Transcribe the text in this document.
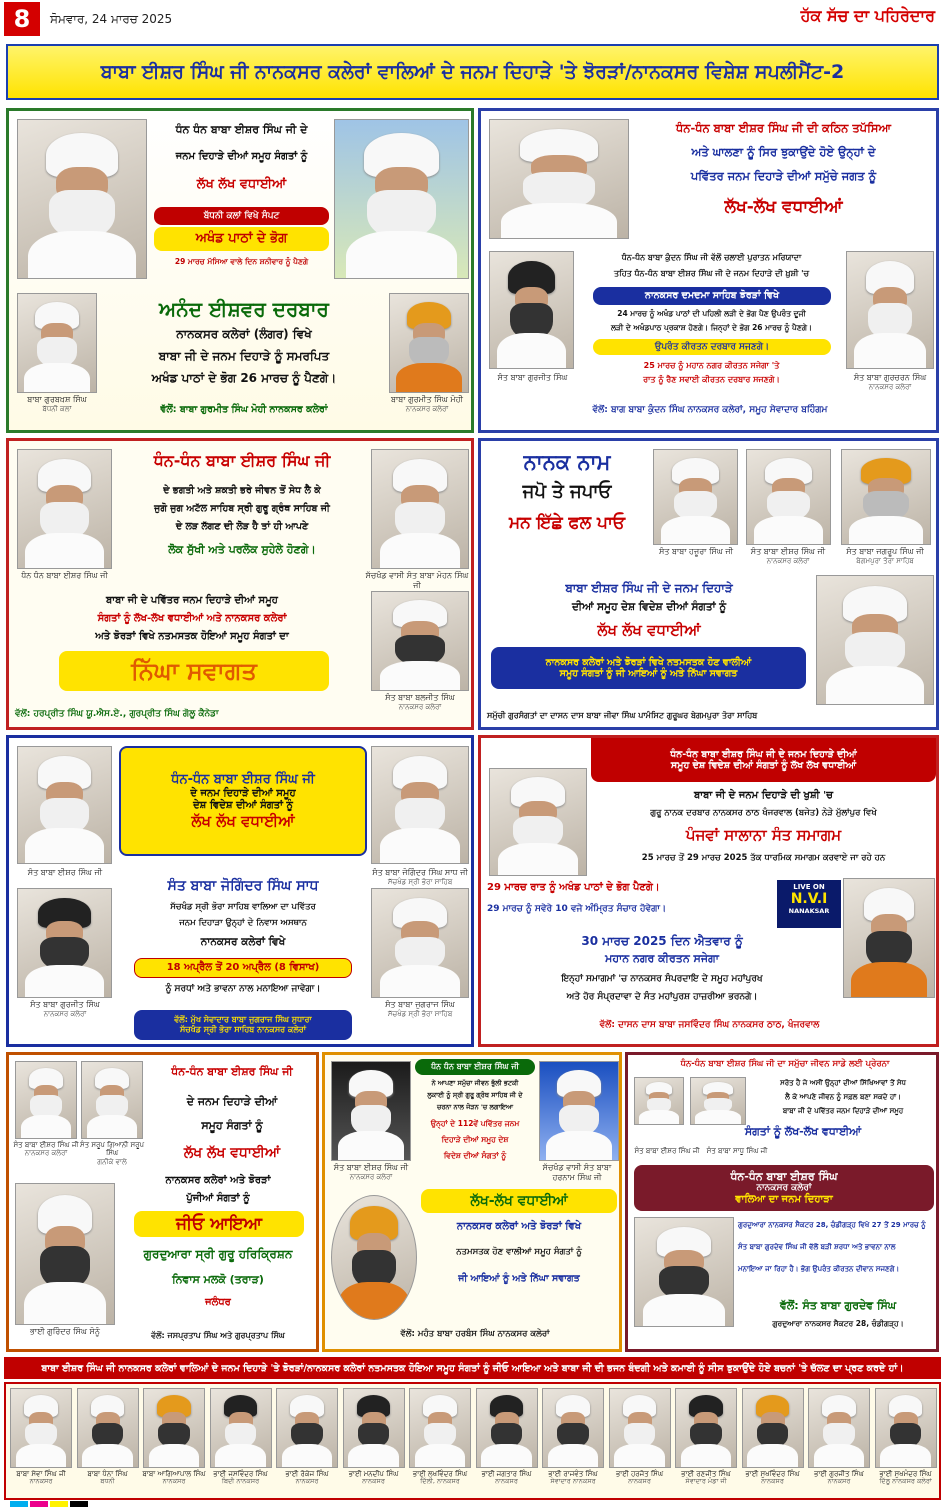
8	ਸੋਮਵਾਰ, 24 ਮਾਰਚ 2025	ਹੱਕ ਸੱਚ ਦਾ ਪਹਿਰੇਦਾਰ
ਬਾਬਾ ਈਸ਼ਰ ਸਿੰਘ ਜੀ ਨਾਨਕਸਰ ਕਲੇਰਾਂ ਵਾਲਿਆਂ ਦੇ ਜਨਮ ਦਿਹਾੜੇ 'ਤੇ ਝੋਰੜਾਂ/ਨਾਨਕਸਰ ਵਿਸ਼ੇਸ਼ ਸਪਲੀਮੈਂਟ-2
ਧੰਨ ਧੰਨ ਬਾਬਾ ਈਸ਼ਰ ਸਿੰਘ ਜੀ ਦੇ
ਜਨਮ ਦਿਹਾੜੇ ਦੀਆਂ ਸਮੂਹ ਸੰਗਤਾਂ ਨੂੰ
ਲੱਖ ਲੱਖ ਵਧਾਈਆਂ
ਬੱਧਨੀ ਕਲਾਂ ਵਿਖੇ ਸੰਪਟ
ਅਖੰਡ ਪਾਠਾਂ ਦੇ ਭੋਗ
29 ਮਾਰਚ ਮੱਸਿਆ ਵਾਲੇ ਦਿਨ ਸ਼ਨੀਵਾਰ ਨੂੰ ਪੈਣਗੇ
ਬਾਬਾ ਗੁਰਬਖ਼ਸ਼ ਸਿੰਘ
ਬੱਧਨੀ ਕਲਾਂ
ਬਾਬਾ ਗੁਰਮੀਤ ਸਿੰਘ ਮੋਹੀ
ਨਾਨਕਸਰ ਕਲੇਰਾਂ
ਅਨੰਦ ਈਸ਼ਵਰ ਦਰਬਾਰ
ਨਾਨਕਸਰ ਕਲੇਰਾਂ (ਲੰਗਰ) ਵਿਖੇ
ਬਾਬਾ ਜੀ ਦੇ ਜਨਮ ਦਿਹਾੜੇ ਨੂੰ ਸਮਰਪਿਤ
ਅਖੰਡ ਪਾਠਾਂ ਦੇ ਭੋਗ 26 ਮਾਰਚ ਨੂੰ ਪੈਣਗੇ।
ਵੱਲੋਂ: ਬਾਬਾ ਗੁਰਮੀਤ ਸਿੰਘ ਮੋਹੀ ਨਾਨਕਸਰ ਕਲੇਰਾਂ
ਧੰਨ-ਧੰਨ ਬਾਬਾ ਈਸ਼ਰ ਸਿੰਘ ਜੀ ਦੀ ਕਠਿਨ ਤਪੱਸਿਆ
ਅਤੇ ਘਾਲਣਾ ਨੂੰ ਸਿਰ ਝੁਕਾਉਂਦੇ ਹੋਏ ਉਨ੍ਹਾਂ ਦੇ
ਪਵਿੱਤਰ ਜਨਮ ਦਿਹਾੜੇ ਦੀਆਂ ਸਮੁੱਚੇ ਜਗਤ ਨੂੰ
ਲੱਖ-ਲੱਖ ਵਧਾਈਆਂ
ਸੰਤ ਬਾਬਾ ਗੁਰਜੀਤ ਸਿੰਘ	ਸੰਤ ਬਾਬਾ ਗੁਰਚਰਨ ਸਿੰਘ
ਨਾਨਕਸਰ ਕਲੇਰਾਂ
ਧੰਨ-ਧੰਨ ਬਾਬਾ ਕੁੰਦਨ ਸਿੰਘ ਜੀ ਵੱਲੋਂ ਚਲਾਈ ਪੁਰਾਤਨ ਮਰਿਯਾਦਾ
ਤਹਿਤ ਧੰਨ-ਧੰਨ ਬਾਬਾ ਈਸ਼ਰ ਸਿੰਘ ਜੀ ਦੇ ਜਨਮ ਦਿਹਾੜੇ ਦੀ ਖ਼ੁਸ਼ੀ 'ਚ
ਨਾਨਕਸਰ ਦਮਦਮਾ ਸਾਹਿਬ ਝੋਰੜਾਂ ਵਿਖੇ
24 ਮਾਰਚ ਨੂੰ ਅਖੰਡ ਪਾਠਾਂ ਦੀ ਪਹਿਲੀ ਲੜੀ ਦੇ ਭੋਗ ਪੈਣ ਉਪਰੰਤ ਦੂਜੀ
ਲੜੀ ਦੇ ਅਖੰਡਪਾਠ ਪ੍ਰਕਾਸ਼ ਹੋਣਗੇ। ਜਿਨ੍ਹਾਂ ਦੇ ਭੋਗ 26 ਮਾਰਚ ਨੂੰ ਪੈਣਗੇ।
ਉਪਰੰਤ ਕੀਰਤਨ ਦਰਬਾਰ ਸਜਣਗੇ।
25 ਮਾਰਚ ਨੂੰ ਮਹਾਨ ਨਗਰ ਕੀਰਤਨ ਸਜੇਗਾ 'ਤੇ
ਰਾਤ ਨੂੰ ਰੈਣ ਸਵਾਈ ਕੀਰਤਨ ਦਰਬਾਰ ਸਜਣਗੇ।
ਵੱਲੋਂ: ਬਾਗ ਬਾਬਾ ਕੁੰਦਨ ਸਿੰਘ ਨਾਨਕਸਰ ਕਲੇਰਾਂ, ਸਮੂਹ ਸੇਵਾਦਾਰ ਬਹਿੰਗਮ
ਧੰਨ ਧੰਨ ਬਾਬਾ ਈਸ਼ਰ ਸਿੰਘ ਜੀ	ਸੱਚਖੰਡ ਵਾਸੀ ਸੰਤ ਬਾਬਾ ਮੋਹਨ ਸਿੰਘ ਜੀ
ਧੰਨ-ਧੰਨ ਬਾਬਾ ਈਸ਼ਰ ਸਿੰਘ ਜੀ
ਦੇ ਭਗਤੀ ਅਤੇ ਸ਼ਕਤੀ ਭਰੇ ਜੀਵਨ ਤੋਂ ਸੇਧ ਲੈ ਕੇ
ਜੁਗੋ ਜੁਗ ਅਟੱਲ ਸਾਹਿਬ ਸ੍ਰੀ ਗੁਰੂ ਗ੍ਰੰਥ ਸਾਹਿਬ ਜੀ
ਦੇ ਲੜ ਲੱਗਣ ਦੀ ਲੋੜ ਹੈ ਤਾਂ ਹੀ ਆਪਣੇ
ਲੋਕ ਸੁੱਖੀ ਅਤੇ ਪਰਲੋਕ ਸੁਹੇਲੇ ਹੋਣਗੇ।
ਬਾਬਾ ਜੀ ਦੇ ਪਵਿੱਤਰ ਜਨਮ ਦਿਹਾੜੇ ਦੀਆਂ ਸਮੂਹ
ਸੰਗਤਾਂ ਨੂੰ ਲੱਖ-ਲੱਖ ਵਧਾਈਆਂ ਅਤੇ ਨਾਨਕਸਰ ਕਲੇਰਾਂ
ਅਤੇ ਝੋਰੜਾਂ ਵਿਖੇ ਨਤਮਸਤਕ ਹੋਇਆਂ ਸਮੂਹ ਸੰਗਤਾਂ ਦਾ
ਨਿੱਘਾ ਸਵਾਗਤ
ਸੰਤ ਬਾਬਾ ਬਲਜੀਤ ਸਿੰਘ
ਨਾਨਕਸਰ ਕਲੇਰਾਂ
ਵੱਲੋਂ: ਹਰਪ੍ਰੀਤ ਸਿੰਘ ਯੂ.ਐਸ.ਏ., ਗੁਰਪ੍ਰੀਤ ਸਿੰਘ ਗੋਲੂ ਕੈਨੇਡਾ
ਨਾਨਕ ਨਾਮ
ਜਪੋ ਤੇ ਜਪਾਓ
ਮਨ ਇੱਛੇ ਫਲ ਪਾਓ
ਸੰਤ ਬਾਬਾ ਹਜ਼ੂਰਾ ਸਿੰਘ ਜੀ	ਸੰਤ ਬਾਬਾ ਈਸ਼ਰ ਸਿੰਘ ਜੀ
ਨਾਨਕਸਰ ਕਲੇਰਾਂ
ਸੰਤ ਬਾਬਾ ਜਗਰੂਪ ਸਿੰਘ ਜੀ
ਬੇਗਮਪੁਰਾ ਤੋਰਾ ਸਾਹਿਬ
ਬਾਬਾ ਈਸ਼ਰ ਸਿੰਘ ਜੀ ਦੇ ਜਨਮ ਦਿਹਾੜੇ
ਦੀਆਂ ਸਮੂਹ ਦੇਸ਼ ਵਿਦੇਸ਼ ਦੀਆਂ ਸੰਗਤਾਂ ਨੂੰ
ਲੱਖ ਲੱਖ ਵਧਾਈਆਂ
ਨਾਨਕਸਰ ਕਲੇਰਾਂ ਅਤੇ ਝੋਰੜਾਂ ਵਿਖੇ ਨਤਮਸਤਕ ਹੋਣ ਵਾਲੀਆਂ
ਸਮੂਹ ਸੰਗਤਾਂ ਨੂੰ ਜੀ ਆਇਆਂ ਨੂੰ ਅਤੇ ਨਿੱਘਾ ਸਵਾਗਤ
ਸਮੁੱਚੀ ਗੁਰਸੰਗਤਾਂ ਦਾ ਦਾਸਨ ਦਾਸ ਬਾਬਾ ਜੀਵਾ ਸਿੰਘ ਪਾਮੰਸਿਟ ਗੁਰੂਘਰ ਬੇਗਮਪੁਰਾ ਤੋਰਾ ਸਾਹਿਬ
ਸੰਤ ਬਾਬਾ ਈਸ਼ਰ ਸਿੰਘ ਜੀ
ਧੰਨ-ਧੰਨ ਬਾਬਾ ਈਸ਼ਰ ਸਿੰਘ ਜੀ
ਦੇ ਜਨਮ ਦਿਹਾੜੇ ਦੀਆਂ ਸਮੂਹ
ਦੇਸ਼ ਵਿਦੇਸ਼ ਦੀਆਂ ਸੰਗਤਾਂ ਨੂੰ
ਲੱਖ ਲੱਖ ਵਧਾਈਆਂ
ਸੰਤ ਬਾਬਾ ਜੋਗਿੰਦਰ ਸਿੰਘ ਸਾਧ ਜੀ
ਸੱਚਖੰਡ ਸ੍ਰੀ ਭੋਰਾ ਸਾਹਿਬ
ਸੰਤ ਬਾਬਾ ਜੋਗਿੰਦਰ ਸਿੰਘ ਸਾਧ
ਸੱਚਖੰਡ ਸ੍ਰੀ ਭੋਰਾ ਸਾਹਿਬ ਵਾਲਿਆ ਦਾ ਪਵਿੱਤਰ
ਜਨਮ ਦਿਹਾੜਾ ਉਨ੍ਹਾਂ ਦੇ ਨਿਵਾਸ ਅਸਥਾਨ
ਨਾਨਕਸਰ ਕਲੇਰਾਂ ਵਿਖੇ
18 ਅਪ੍ਰੈਲ ਤੋਂ 20 ਅਪ੍ਰੈਲ (8 ਵਿਸਾਖ)
ਨੂੰ ਸਰਧਾਂ ਅਤੇ ਭਾਵਨਾ ਨਾਲ ਮਨਾਇਆ ਜਾਵੇਗਾ।
ਸੰਤ ਬਾਬਾ ਗੁਰਜੀਤ ਸਿੰਘ
ਨਾਨਕਸਰ ਕਲੇਰਾਂ
ਸੰਤ ਬਾਬਾ ਜੁਗਰਾਜ ਸਿੰਘ
ਸੱਚਖੰਡ ਸ੍ਰੀ ਭੋਰਾ ਸਾਹਿਬ
ਵੱਲੋਂ: ਮੁੱਖ ਸੇਵਾਦਾਰ ਬਾਬਾ ਜੁਗਰਾਜ ਸਿੰਘ ਸੁਧਾਰਾ
ਸੱਚਖੰਡ ਸ੍ਰੀ ਭੋਰਾ ਸਾਹਿਬ ਨਾਨਕਸਰ ਕਲੇਰਾਂ
ਧੰਨ-ਧੰਨ ਬਾਬਾ ਈਸ਼ਰ ਸਿੰਘ ਜੀ ਦੇ ਜਨਮ ਦਿਹਾੜੇ ਦੀਆਂ
ਸਮੂਹ ਦੇਸ਼ ਵਿਦੇਸ਼ ਦੀਆਂ ਸੰਗਤਾਂ ਨੂੰ ਲੱਖ ਲੱਖ ਵਧਾਈਆਂ
ਬਾਬਾ ਜੀ ਦੇ ਜਨਮ ਦਿਹਾੜੇ ਦੀ ਖੁਸ਼ੀ 'ਚ
ਗੁਰੂ ਨਾਨਕ ਦਰਬਾਰ ਨਾਨਕਸਰ ਠਾਠ ਖੰਜਰਵਾਲ (ਬਜੇਤ) ਨੇੜੇ ਮੁੱਲਾਂਪੁਰ ਵਿਖੇ
ਪੰਜਵਾਂ ਸਾਲਾਨਾ ਸੰਤ ਸਮਾਗਮ
25 ਮਾਰਚ ਤੋਂ 29 ਮਾਰਚ 2025 ਤੱਕ ਧਾਰਮਿਕ ਸਮਾਗਮ ਕਰਵਾਏ ਜਾ ਰਹੇ ਹਨ
29 ਮਾਰਚ ਰਾਤ ਨੂੰ ਅਖੰਡ ਪਾਠਾਂ ਦੇ ਭੋਗ ਪੈਣਗੇ।
29 ਮਾਰਚ ਨੂੰ ਸਵੇਰੇ 10 ਵਜੇ ਅੰਮ੍ਰਿਤ ਸੰਚਾਰ ਹੋਵੇਗਾ।
LIVE ON
N.V.I
NANAKSAR
30 ਮਾਰਚ 2025 ਦਿਨ ਐਤਵਾਰ ਨੂੰ
ਮਹਾਨ ਨਗਰ ਕੀਰਤਨ ਸਜੇਗਾ
ਇਨ੍ਹਾਂ ਸਮਾਗਮਾਂ 'ਚ ਨਾਨਕਸਰ ਸੰਪਰਦਾਇ ਦੇ ਸਮੂਹ ਮਹਾਂਪੁਰਖ
ਅਤੇ ਹੋਰ ਸੰਪ੍ਰਦਾਵਾ ਦੇ ਸੰਤ ਮਹਾਂਪੁਰਸ਼ ਹਾਜ਼ਰੀਆ ਭਰਨਗੇ।
ਵੱਲੋਂ: ਦਾਸਨ ਦਾਸ ਬਾਬਾ ਜਸਵਿੰਦਰ ਸਿੰਘ ਨਾਨਕਸਰ ਠਾਠ, ਖੰਜਰਵਾਲ
ਸੰਤ ਬਾਬਾ ਈਸ਼ਰ ਸਿੰਘ ਜੀ
ਨਾਨਕਸਰ ਕਲੇਰਾਂ
ਸੰਤ ਸਰੂਪ ਗਿਆਨੀ ਸਰੂਪ ਸਿੰਘ
ਗਨੀਕੇ ਵਾਲੇ
ਧੰਨ-ਧੰਨ ਬਾਬਾ ਈਸ਼ਰ ਸਿੰਘ ਜੀ
ਦੇ ਜਨਮ ਦਿਹਾੜੇ ਦੀਆਂ
ਸਮੂਹ ਸੰਗਤਾਂ ਨੂੰ
ਲੱਖ ਲੱਖ ਵਧਾਈਆਂ
ਭਾਈ ਗੁਰਿੰਦਰ ਸਿੰਘ ਸੋਨੂੰ
ਨਾਨਕਸਰ ਕਲੇਰਾਂ ਅਤੇ ਝੋਰੜਾਂ
ਪੁੱਜੀਆਂ ਸੰਗਤਾਂ ਨੂੰ
ਜੀਓ ਆਇਆ
ਗੁਰਦੁਆਰਾ ਸ੍ਰੀ ਗੁਰੂ ਹਰਿਕ੍ਰਿਸ਼ਨ
ਨਿਵਾਸ ਮਲਕੋ (ਤਰਾੜ)
ਜਲੰਧਰ
ਵੱਲੋਂ: ਜਸਪ੍ਰਤਾਪ ਸਿੰਘ ਅਤੇ ਗੁਰਪ੍ਰਤਾਪ ਸਿੰਘ
ਸੰਤ ਬਾਬਾ ਈਸ਼ਰ ਸਿੰਘ ਜੀ
ਨਾਨਕਸਰ ਕਲੇਰਾਂ
ਸੱਚਖੰਡ ਵਾਸੀ ਸੰਤ ਬਾਬਾ ਹਰਨਾਮ ਸਿੰਘ ਜੀ
ਧੰਨ ਧੰਨ ਬਾਬਾ ਈਸ਼ਰ ਸਿੰਘ ਜੀ
ਨੇ ਆਪਣਾ ਸਮੁੱਚਾ ਜੀਵਨ ਭੁੱਲੀ ਭਟਕੀ
ਲੁਕਾਈ ਨੂੰ ਸ੍ਰੀ ਗੁਰੂ ਗ੍ਰੰਥ ਸਾਹਿਬ ਜੀ ਦੇ
ਚਰਨਾ ਨਾਲ ਜੋੜਨ 'ਚ ਲਗਾਇਆ
ਉਨ੍ਹਾਂ ਦੇ 112ਵੇਂ ਪਵਿੱਤਰ ਜਨਮ
ਦਿਹਾੜੇ ਦੀਆਂ ਸਮੂਹ ਦੇਸ਼
ਵਿਦੇਸ਼ ਦੀਆਂ ਸੰਗਤਾਂ ਨੂੰ
ਲੱਖ-ਲੱਖ ਵਧਾਈਆਂ
ਨਾਨਕਸਰ ਕਲੇਰਾਂ ਅਤੇ ਝੋਰੜਾਂ ਵਿਖੇ
ਨਤਮਸਤਕ ਹੋਣ ਵਾਲੀਆਂ ਸਮੂਹ ਸੰਗਤਾਂ ਨੂੰ
ਜੀ ਆਇਆਂ ਨੂੰ ਅਤੇ ਨਿੱਘਾ ਸਵਾਗਤ
ਵੱਲੋਂ: ਮਹੰਤ ਬਾਬਾ ਹਰਬੰਸ ਸਿੰਘ ਨਾਨਕਸਰ ਕਲੇਰਾਂ
ਧੰਨ-ਧੰਨ ਬਾਬਾ ਈਸ਼ਰ ਸਿੰਘ ਜੀ ਦਾ ਸਮੁੱਚਾ ਜੀਵਨ ਸਾਡੇ ਲਈ ਪ੍ਰੇਰਨਾ
ਸਰੋਤ ਹੈ ਜੇ ਅਸੀਂ ਉਨ੍ਹਾਂ ਦੀਆਂ ਸਿੱਖਿਆਵਾਂ ਤੋਂ ਸੇਧ
ਲੈ ਕੇ ਆਪਣੇ ਜੀਵਨ ਨੂੰ ਸਫ਼ਲ ਬਣਾ ਸਕਦੇ ਹਾਂ।
ਬਾਬਾ ਜੀ ਦੇ ਪਵਿੱਤਰ ਜਨਮ ਦਿਹਾੜੇ ਦੀਆਂ ਸਮੂਹ
ਸੰਗਤਾਂ ਨੂੰ ਲੱਖ-ਲੱਖ ਵਧਾਈਆਂ
ਸੰਤ ਬਾਬਾ ਈਸ਼ਰ ਸਿੰਘ ਜੀ	ਸੰਤ ਬਾਬਾ ਸਾਧੂ ਸਿੰਘ ਜੀ
ਧੰਨ-ਧੰਨ ਬਾਬਾ ਈਸ਼ਰ ਸਿੰਘ
ਨਾਨਕਸਰ ਕਲੇਰਾਂ
ਵਾਲਿਆ ਦਾ ਜਨਮ ਦਿਹਾੜਾ
ਗੁਰਦੁਆਰਾ ਨਾਨਕਸਰ ਸੈਕਟਰ 28, ਚੰਡੀਗੜ੍ਹ ਵਿਖੇ 27 ਤੋਂ 29 ਮਾਰਚ ਨੂੰ
ਸੰਤ ਬਾਬਾ ਗੁਰਦੇਵ ਸਿੰਘ ਜੀ ਵੱਲੋਂ ਬੜੀ ਸ਼ਰਧਾ ਅਤੇ ਭਾਵਨਾ ਨਾਲ
ਮਨਾਇਆ ਜਾ ਰਿਹਾ ਹੈ। ਭੋਗ ਉਪਰੰਤ ਕੀਰਤਨ ਦੀਵਾਨ ਸਜਣਗੇ।
ਵੱਲੋਂ: ਸੰਤ ਬਾਬਾ ਗੁਰਦੇਵ ਸਿੰਘ
ਗੁਰਦੁਆਰਾ ਨਾਨਕਸਰ ਸੈਕਟਰ 28, ਚੰਡੀਗੜ੍ਹ।
ਬਾਬਾ ਈਸ਼ਰ ਸਿੰਘ ਜੀ ਨਾਨਕਸਰ ਕਲੇਰਾਂ ਵਾਲਿਆਂ ਦੇ ਜਨਮ ਦਿਹਾੜੇ 'ਤੇ ਝੋਰੜਾਂ/ਨਾਨਕਸਰ ਕਲੇਰਾਂ ਨਤਮਸਤਕ ਹੋਇਆ ਸਮੂਹ ਸੰਗਤਾਂ ਨੂੰ ਜੀਓ ਆਇਆ ਅਤੇ ਬਾਬਾ ਜੀ ਦੀ ਭਜਨ ਬੰਦਗੀ ਅਤੇ ਕਮਾਈ ਨੂੰ ਸੀਸ ਝੁਕਾਉਂਦੇ ਹੋਏ ਬਚਨਾਂ 'ਤੇ ਚੱਲਣ ਦਾ ਪ੍ਰਣ ਕਰਦੇ ਹਾਂ।
ਬਾਬਾ ਸੇਵਾ ਸਿੰਘ ਜੀ
ਨਾਨਕਸਰ
ਬਾਬਾ ਧੰਨਾ ਸਿੰਘ
ਬਧਨੀ
ਬਾਬਾ ਆਗਿਆਪਾਲ ਸਿੰਘ
ਨਾਨਕਸਰ
ਭਾਈ ਜਸਵਿੰਦਰ ਸਿੰਘ
ਬਿਦੀ ਨਾਨਕਸਰ
ਭਾਈ ਰੋਕੇਜ ਸਿੰਘ
ਨਾਨਕਸਰ
ਭਾਈ ਮਨਦੀਪ ਸਿੰਘ
ਨਾਨਕਸਰ
ਭਾਈ ਲਖਵਿੰਦਰ ਸਿੰਘ
ਦਿੱਲੀ, ਨਾਨਕਸਰ
ਭਾਈ ਜਗਤਾਰ ਸਿੰਘ
ਨਾਨਕਸਰ
ਭਾਈ ਰਾਜਵੰਤ ਸਿੰਘ
ਸੇਵਾਦਾਰ ਨਾਨਕਸਰ
ਭਾਈ ਹਰਜੋਤ ਸਿੰਘ
ਨਾਨਕਸਰ
ਭਾਈ ਰਣਜੀਤ ਸਿੰਘ
ਸੇਵਾਦਾਰ ਮੰਡਾ ਜੀ
ਭਾਈ ਸੁਖਵਿੰਦਰ ਸਿੰਘ
ਨਾਨਕਸਰ
ਭਾਈ ਗੁਰਜੀਤ ਸਿੰਘ
ਨਾਨਕਸਰ
ਭਾਈ ਸੁਖਮੰਦਰ ਸਿੰਘ
ਦਿੱਲੂ ਨਾਨਕਸਰ ਕਲੇਰਾਂ
